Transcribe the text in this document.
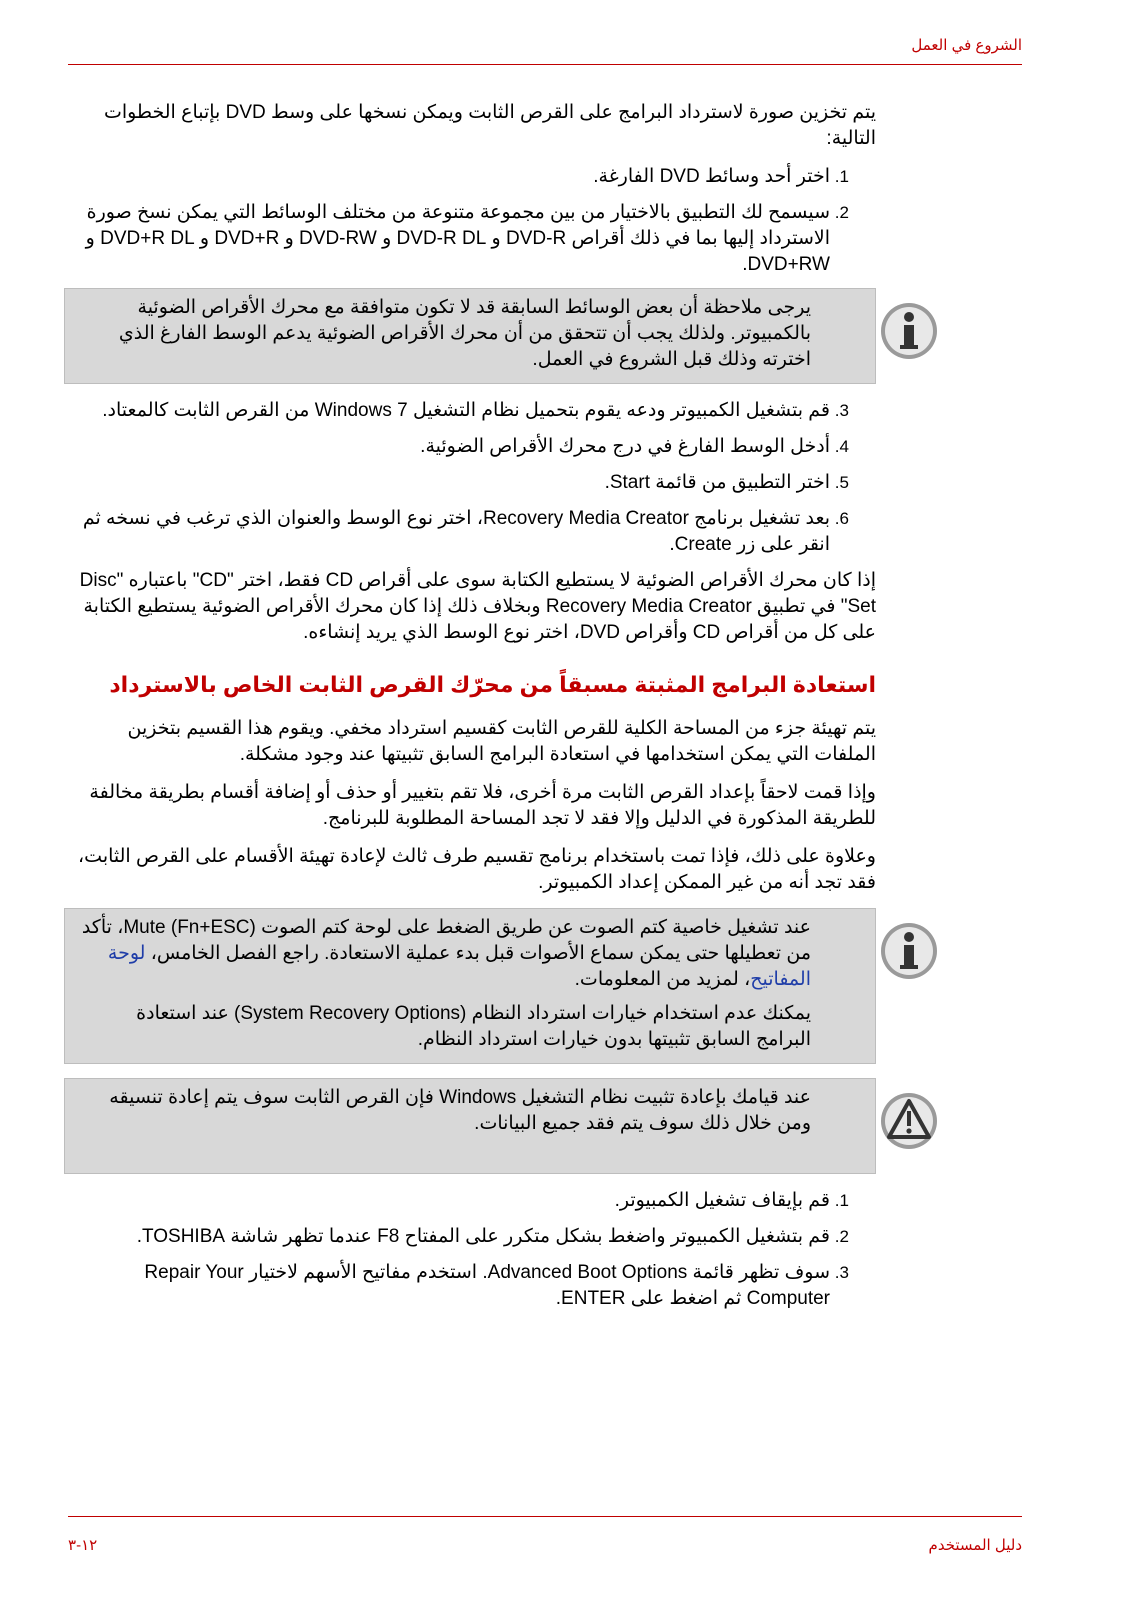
الشروع في العمل

يتم تخزين صورة لاسترداد البرامج على القرص الثابت ويمكن نسخها على وسط DVD بإتباع الخطوات التالية:

1. اختر أحد وسائط DVD الفارغة.
2. سيسمح لك التطبيق بالاختيار من بين مجموعة متنوعة من مختلف الوسائط التي يمكن نسخ صورة الاسترداد إليها بما في ذلك أقراص DVD-R و DVD-R DL و DVD-RW و DVD+R و DVD+R DL و DVD+RW.

يرجى ملاحظة أن بعض الوسائط السابقة قد لا تكون متوافقة مع محرك الأقراص الضوئية بالكمبيوتر. ولذلك يجب أن تتحقق من أن محرك الأقراص الضوئية يدعم الوسط الفارغ الذي اخترته وذلك قبل الشروع في العمل.

3. قم بتشغيل الكمبيوتر ودعه يقوم بتحميل نظام التشغيل Windows 7 من القرص الثابت كالمعتاد.
4. أدخل الوسط الفارغ في درج محرك الأقراص الضوئية.
5. اختر التطبيق من قائمة Start.
6. بعد تشغيل برنامج Recovery Media Creator، اختر نوع الوسط والعنوان الذي ترغب في نسخه ثم انقر على زر Create.

إذا كان محرك الأقراص الضوئية لا يستطيع الكتابة سوى على أقراص CD فقط، اختر "CD" باعتباره "Disc Set" في تطبيق Recovery Media Creator وبخلاف ذلك إذا كان محرك الأقراص الضوئية يستطيع الكتابة على كل من أقراص CD وأقراص DVD، اختر نوع الوسط الذي يريد إنشاءه.

استعادة البرامج المثبتة مسبقاً من محرّك القرص الثابت الخاص بالاسترداد

يتم تهيئة جزء من المساحة الكلية للقرص الثابت كقسيم استرداد مخفي. ويقوم هذا القسيم بتخزين الملفات التي يمكن استخدامها في استعادة البرامج السابق تثبيتها عند وجود مشكلة.

وإذا قمت لاحقاً بإعداد القرص الثابت مرة أخرى، فلا تقم بتغيير أو حذف أو إضافة أقسام بطريقة مخالفة للطريقة المذكورة في الدليل وإلا فقد لا تجد المساحة المطلوبة للبرنامج.

وعلاوة على ذلك، فإذا تمت باستخدام برنامج تقسيم طرف ثالث لإعادة تهيئة الأقسام على القرص الثابت، فقد تجد أنه من غير الممكن إعداد الكمبيوتر.

عند تشغيل خاصية كتم الصوت عن طريق الضغط على لوحة كتم الصوت Mute (Fn+ESC)، تأكد من تعطيلها حتى يمكن سماع الأصوات قبل بدء عملية الاستعادة. راجع الفصل الخامس، لوحة المفاتيح، لمزيد من المعلومات.

يمكنك عدم استخدام خيارات استرداد النظام (System Recovery Options) عند استعادة البرامج السابق تثبيتها بدون خيارات استرداد النظام.

عند قيامك بإعادة تثبيت نظام التشغيل Windows فإن القرص الثابت سوف يتم إعادة تنسيقه ومن خلال ذلك سوف يتم فقد جميع البيانات.

1. قم بإيقاف تشغيل الكمبيوتر.
2. قم بتشغيل الكمبيوتر واضغط بشكل متكرر على المفتاح F8 عندما تظهر شاشة TOSHIBA.
3. سوف تظهر قائمة Advanced Boot Options. استخدم مفاتيح الأسهم لاختيار Repair Your Computer ثم اضغط على ENTER.
١٢-٣	دليل المستخدم
